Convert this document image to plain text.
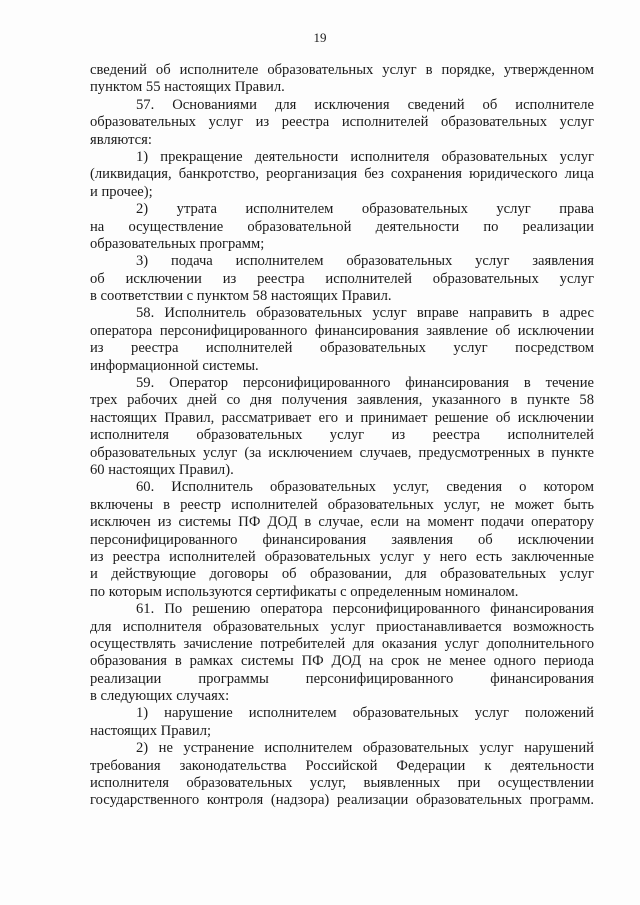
19
сведений об исполнителе образовательных услуг в порядке, утвержденном
пунктом 55 настоящих Правил.
57. Основаниями для исключения сведений об исполнителе
образовательных услуг из реестра исполнителей образовательных услуг
являются:
1) прекращение деятельности исполнителя образовательных услуг
(ликвидация, банкротство, реорганизация без сохранения юридического лица
и прочее);
2) утрата исполнителем образовательных услуг права
на осуществление образовательной деятельности по реализации
образовательных программ;
3) подача исполнителем образовательных услуг заявления
об исключении из реестра исполнителей образовательных услуг
в соответствии с пунктом 58 настоящих Правил.
58. Исполнитель образовательных услуг вправе направить в адрес
оператора персонифицированного финансирования заявление об исключении
из реестра исполнителей образовательных услуг посредством
информационной системы.
59. Оператор персонифицированного финансирования в течение
трех рабочих дней со дня получения заявления, указанного в пункте 58
настоящих Правил, рассматривает его и принимает решение об исключении
исполнителя образовательных услуг из реестра исполнителей
образовательных услуг (за исключением случаев, предусмотренных в пункте
60 настоящих Правил).
60. Исполнитель образовательных услуг, сведения о котором
включены в реестр исполнителей образовательных услуг, не может быть
исключен из системы ПФ ДОД в случае, если на момент подачи оператору
персонифицированного финансирования заявления об исключении
из реестра исполнителей образовательных услуг у него есть заключенные
и действующие договоры об образовании, для образовательных услуг
по которым используются сертификаты с определенным номиналом.
61. По решению оператора персонифицированного финансирования
для исполнителя образовательных услуг приостанавливается возможность
осуществлять зачисление потребителей для оказания услуг дополнительного
образования в рамках системы ПФ ДОД на срок не менее одного периода
реализации программы персонифицированного финансирования
в следующих случаях:
1) нарушение исполнителем образовательных услуг положений
настоящих Правил;
2) не устранение исполнителем образовательных услуг нарушений
требования законодательства Российской Федерации к деятельности
исполнителя образовательных услуг, выявленных при осуществлении
государственного контроля (надзора) реализации образовательных программ.
